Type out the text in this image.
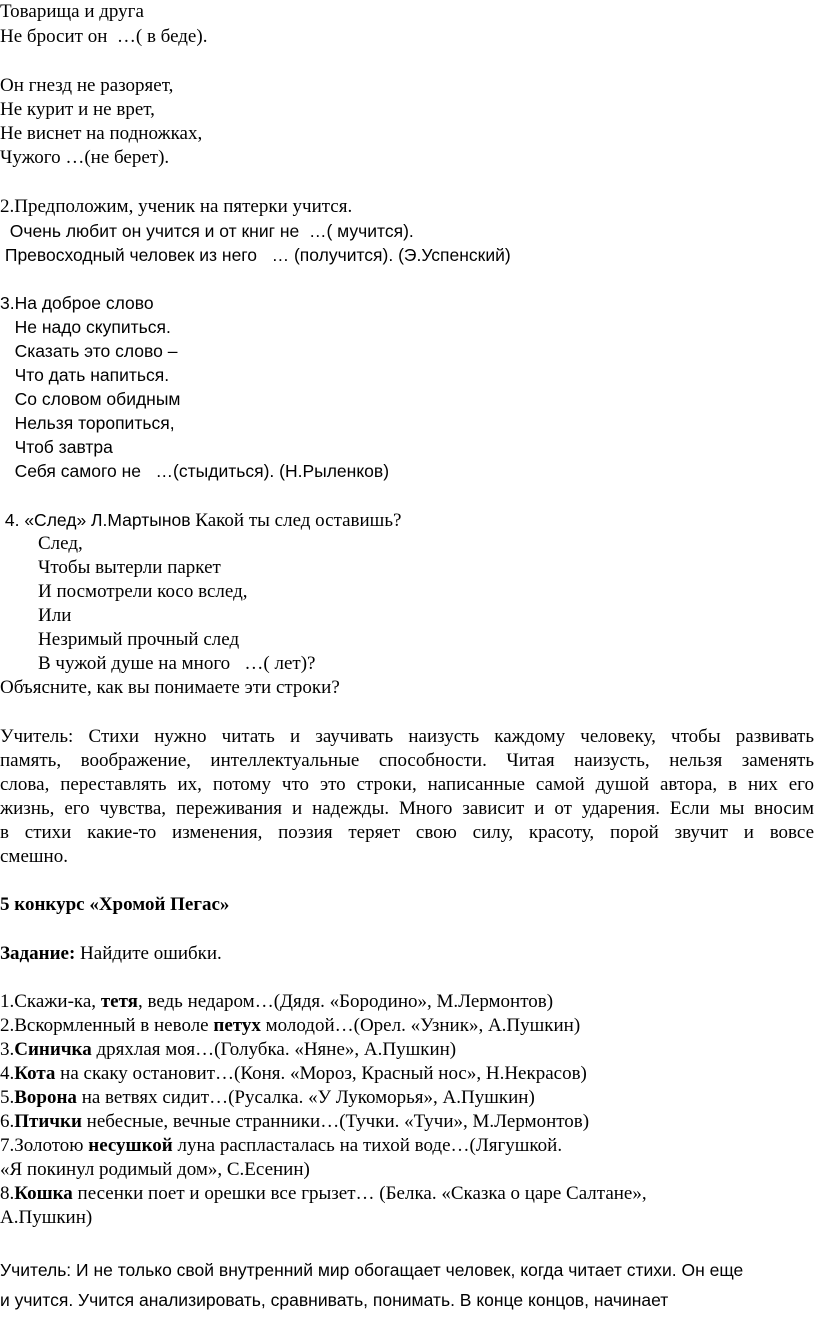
Товарища и друга
Не бросит он  …( в беде).
Он гнезд не разоряет,
Не курит и не врет,
Не виснет на подножках,
Чужого …(не берет).
2.Предположим, ученик на пятерки учится.
Очень любит он учится и от книг не  …( мучится).
Превосходный человек из него   … (получится). (Э.Успенский)
3.На доброе слово
Не надо скупиться.
Сказать это слово –
Что дать напиться.
Со словом обидным
Нельзя торопиться,
Чтоб завтра
Себя самого не   …(стыдиться). (Н.Рыленков)
4. «След» Л.Мартынов Какой ты след оставишь?
След,
Чтобы вытерли паркет
И посмотрели косо вслед,
Или
Незримый прочный след
В чужой душе на много   …( лет)?
Объясните, как вы понимаете эти строки?
Учитель: Стихи нужно читать и заучивать наизусть каждому человеку, чтобы развивать
память, воображение, интеллектуальные способности. Читая наизусть, нельзя заменять
слова, переставлять их, потому что это строки, написанные самой душой автора, в них его
жизнь, его чувства, переживания и надежды. Много зависит и от ударения. Если мы вносим
в стихи какие-то изменения, поэзия теряет свою силу, красоту, порой звучит и вовсе
смешно.
5 конкурс «Хромой Пегас»
Задание: Найдите ошибки.
1.Скажи-ка, тетя, ведь недаром…(Дядя. «Бородино», М.Лермонтов)
2.Вскормленный в неволе петух молодой…(Орел. «Узник», А.Пушкин)
3.Синичка дряхлая моя…(Голубка. «Няне», А.Пушкин)
4.Кота на скаку остановит…(Коня. «Мороз, Красный нос», Н.Некрасов)
5.Ворона на ветвях сидит…(Русалка. «У Лукоморья», А.Пушкин)
6.Птички небесные, вечные странники…(Тучки. «Тучи», М.Лермонтов)
7.Золотою несушкой луна распласталась на тихой воде…(Лягушкой.
«Я покинул родимый дом», С.Есенин)
8.Кошка песенки поет и орешки все грызет… (Белка. «Сказка о царе Салтане»,
А.Пушкин)
Учитель: И не только свой внутренний мир обогащает человек, когда читает стихи. Он еще
и учится. Учится анализировать, сравнивать, понимать. В конце концов, начинает
